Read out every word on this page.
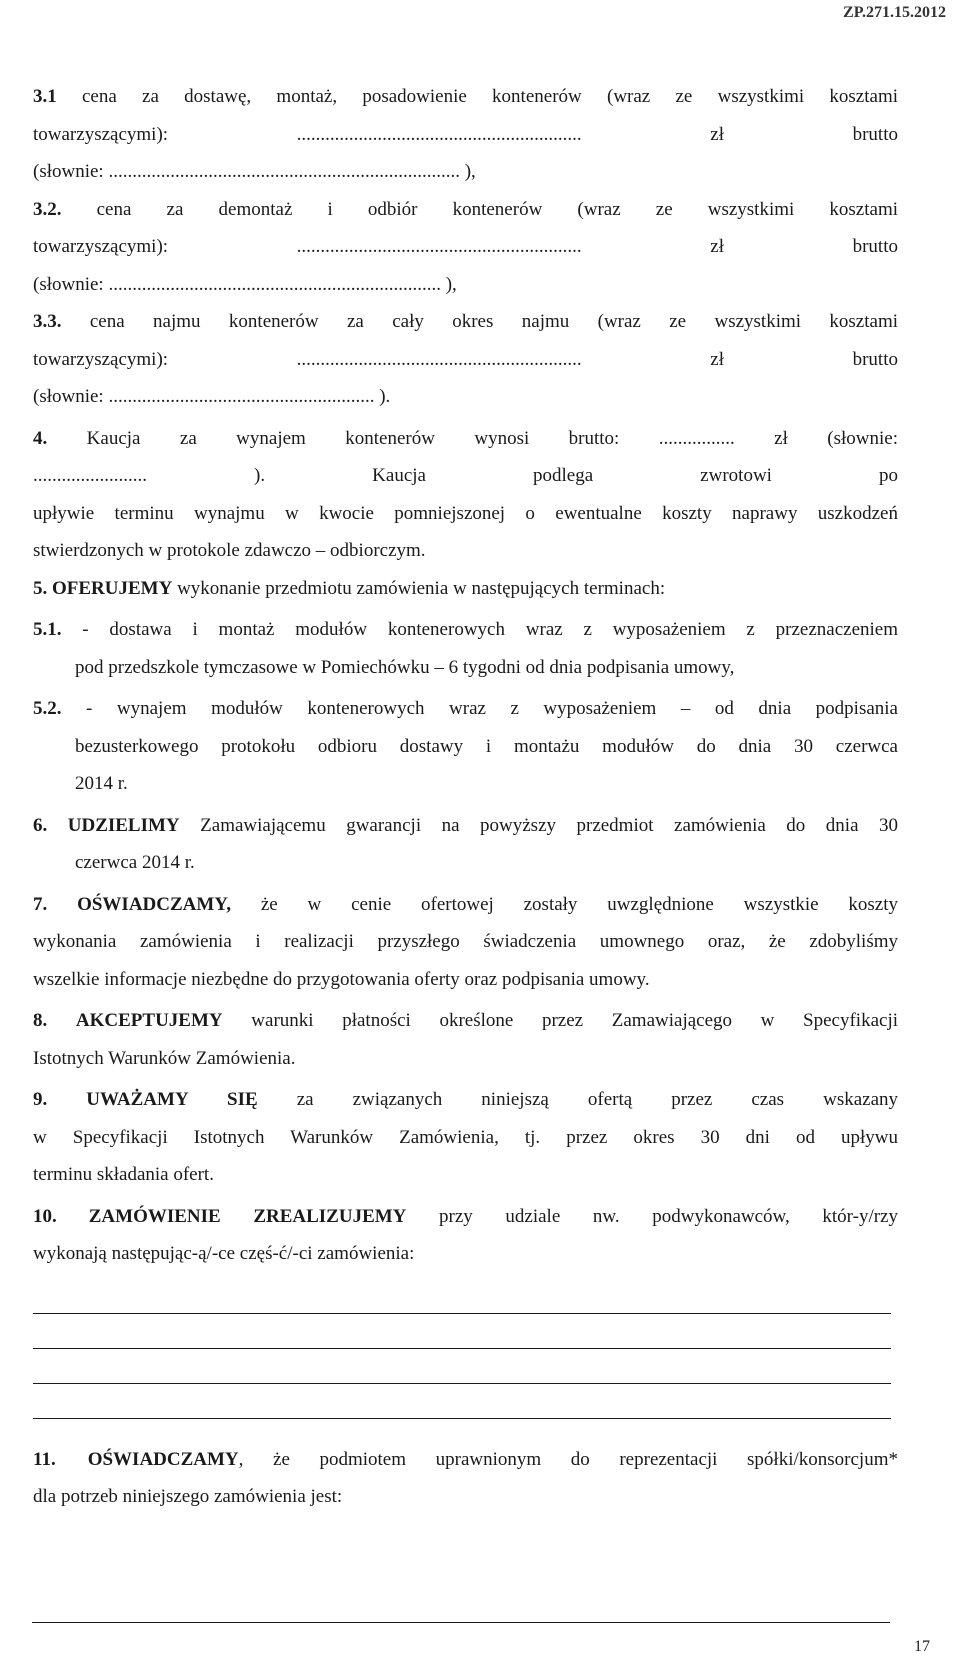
ZP.271.15.2012
3.1 cena za dostawę, montaż, posadowienie kontenerów (wraz ze wszystkimi kosztami
towarzyszącymi): ............................................................ zł brutto
(słownie: .......................................................................... ),
3.2. cena za demontaż i odbiór kontenerów (wraz ze wszystkimi kosztami
towarzyszącymi): ............................................................ zł brutto
(słownie: ...................................................................... ),
3.3. cena najmu kontenerów za cały okres najmu (wraz ze wszystkimi kosztami
towarzyszącymi): ............................................................ zł brutto
(słownie: ........................................................ ).
4. Kaucja za wynajem kontenerów wynosi brutto: ................ zł (słownie:
........................ ). Kaucja podlega zwrotowi po
upływie terminu wynajmu w kwocie pomniejszonej o ewentualne koszty naprawy uszkodzeń
stwierdzonych w protokole zdawczo – odbiorczym.
5. OFERUJEMY wykonanie przedmiotu zamówienia w następujących terminach:
5.1. - dostawa i montaż modułów kontenerowych wraz z wyposażeniem z przeznaczeniem
pod przedszkole tymczasowe w Pomiechówku – 6 tygodni od dnia podpisania umowy,
5.2. - wynajem modułów kontenerowych wraz z wyposażeniem – od dnia podpisania
bezusterkowego protokołu odbioru dostawy i montażu modułów do dnia 30 czerwca
2014 r.
6. UDZIELIMY Zamawiającemu gwarancji na powyższy przedmiot zamówienia do dnia 30
czerwca 2014 r.
7. OŚWIADCZAMY, że w cenie ofertowej zostały uwzględnione wszystkie koszty
wykonania zamówienia i realizacji przyszłego świadczenia umownego oraz, że zdobyliśmy
wszelkie informacje niezbędne do przygotowania oferty oraz podpisania umowy.
8. AKCEPTUJEMY warunki płatności określone przez Zamawiającego w Specyfikacji
Istotnych Warunków Zamówienia.
9. UWAŻAMY SIĘ za związanych niniejszą ofertą przez czas wskazany
w Specyfikacji Istotnych Warunków Zamówienia, tj. przez okres 30 dni od upływu
terminu składania ofert.
10. ZAMÓWIENIE ZREALIZUJEMY przy udziale nw. podwykonawców, któr-y/rzy
wykonają następując-ą/-ce częś-ć/-ci zamówienia:
11. OŚWIADCZAMY, że podmiotem uprawnionym do reprezentacji spółki/konsorcjum*
dla potrzeb niniejszego zamówienia jest:
17
